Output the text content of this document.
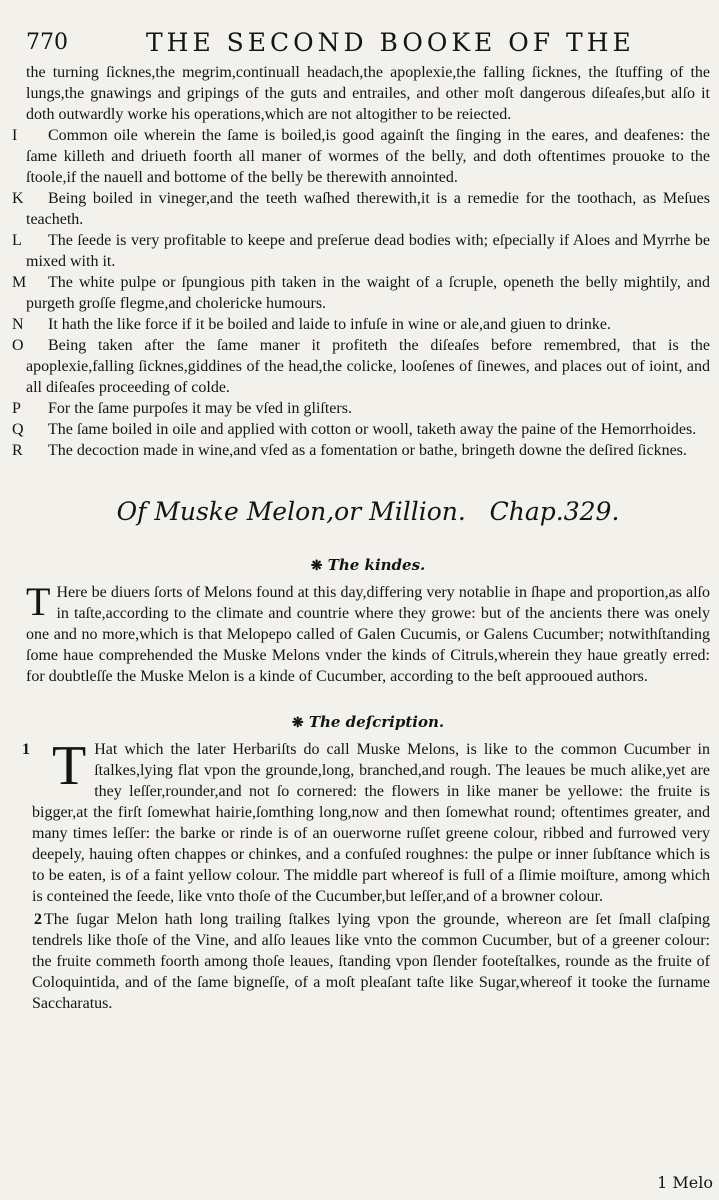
770	THE SECOND BOOKE OF THE

the turning ſicknes,the megrim,continuall headach,the apoplexie,the falling ſicknes, the ſtuffing of the lungs,the gnawings and gripings of the guts and entrailes, and other moſt dangerous diſeaſes,but alſo it doth outwardly worke his operations,which are not altogither to be reiected.

I Common oile wherein the ſame is boiled,is good againſt the ſinging in the eares, and deafenes: the ſame killeth and driueth foorth all maner of wormes of the belly, and doth oftentimes prouoke to the ſtoole,if the nauell and bottome of the belly be therewith annointed.

K Being boiled in vineger,and the teeth waſhed therewith,it is a remedie for the toothach, as Meſues teacheth.

L The ſeede is very profitable to keepe and preſerue dead bodies with; eſpecially if Aloes and Myrrhe be mixed with it.

M The white pulpe or ſpungious pith taken in the waight of a ſcruple, openeth the belly mightily, and purgeth groſſe flegme,and cholericke humours.

N It hath the like force if it be boiled and laide to infuſe in wine or ale,and giuen to drinke.

O Being taken after the ſame maner it profiteth the diſeaſes before remembred, that is the apoplexie,falling ſicknes,giddines of the head,the colicke, looſenes of ſinewes, and places out of ioint, and all diſeaſes proceeding of colde.

P For the ſame purpoſes it may be vſed in gliſters.

Q The ſame boiled in oile and applied with cotton or wooll, taketh away the paine of the Hemorrhoides.

R The decoction made in wine,and vſed as a fomentation or bathe, bringeth downe the deſired ſicknes.

Of Muske Melon,or Million. Chap.329.
❋ The kindes.

T Here be diuers ſorts of Melons found at this day,differing very notablie in ſhape and proportion,as alſo in taſte,according to the climate and countrie where they growe: but of the ancients there was onely one and no more,which is that Melopepo called of Galen Cucumis, or Galens Cucumber; notwithſtanding ſome haue comprehended the Muske Melons vnder the kinds of Citruls,wherein they haue greatly erred: for doubtleſſe the Muske Melon is a kinde of Cucumber, according to the beſt approoued authors.

❋ The deſcription.

1 T Hat which the later Herbariſts do call Muske Melons, is like to the common Cucumber in ſtalkes,lying flat vpon the grounde,long, branched,and rough. The leaues be much alike,yet are they leſſer,rounder,and not ſo cornered: the flowers in like maner be yellowe: the fruite is bigger,at the firſt ſomewhat hairie,ſomthing long,now and then ſomewhat round; oftentimes greater, and many times leſſer: the barke or rinde is of an ouerworne ruſſet greene colour, ribbed and furrowed very deepely, hauing often chappes or chinkes, and a confuſed roughnes: the pulpe or inner ſubſtance which is to be eaten, is of a faint yellow colour. The middle part whereof is full of a ſlimie moiſture, among which is conteined the ſeede, like vnto thoſe of the Cucumber,but leſſer,and of a browner colour.

2 The ſugar Melon hath long trailing ſtalkes lying vpon the grounde, whereon are ſet ſmall claſping tendrels like thoſe of the Vine, and alſo leaues like vnto the common Cucumber, but of a greener colour: the fruite commeth foorth among thoſe leaues, ſtanding vpon ſlender footeſtalkes, rounde as the fruite of Coloquintida, and of the ſame bigneſſe, of a moſt pleaſant taſte like Sugar,whereof it tooke the ſurname Saccharatus.

1 Melo
